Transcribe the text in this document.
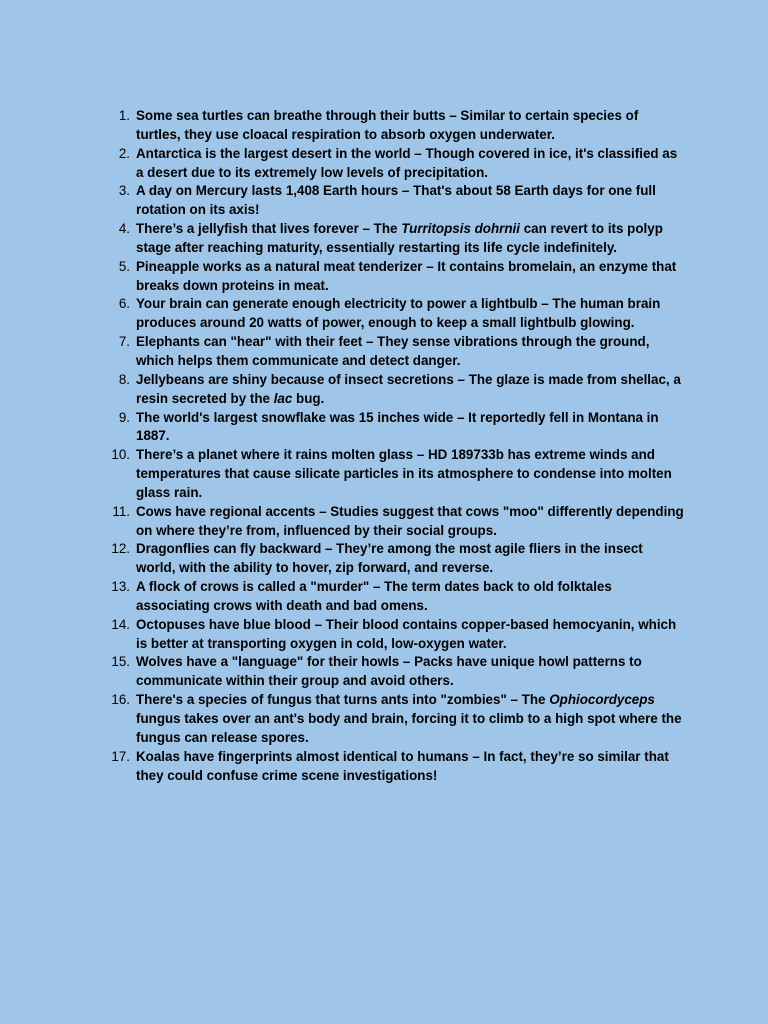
1. Some sea turtles can breathe through their butts – Similar to certain species of turtles, they use cloacal respiration to absorb oxygen underwater.
2. Antarctica is the largest desert in the world – Though covered in ice, it's classified as a desert due to its extremely low levels of precipitation.
3. A day on Mercury lasts 1,408 Earth hours – That's about 58 Earth days for one full rotation on its axis!
4. There’s a jellyfish that lives forever – The Turritopsis dohrnii can revert to its polyp stage after reaching maturity, essentially restarting its life cycle indefinitely.
5. Pineapple works as a natural meat tenderizer – It contains bromelain, an enzyme that breaks down proteins in meat.
6. Your brain can generate enough electricity to power a lightbulb – The human brain produces around 20 watts of power, enough to keep a small lightbulb glowing.
7. Elephants can "hear" with their feet – They sense vibrations through the ground, which helps them communicate and detect danger.
8. Jellybeans are shiny because of insect secretions – The glaze is made from shellac, a resin secreted by the lac bug.
9. The world's largest snowflake was 15 inches wide – It reportedly fell in Montana in 1887.
10. There’s a planet where it rains molten glass – HD 189733b has extreme winds and temperatures that cause silicate particles in its atmosphere to condense into molten glass rain.
11. Cows have regional accents – Studies suggest that cows "moo" differently depending on where they’re from, influenced by their social groups.
12. Dragonflies can fly backward – They’re among the most agile fliers in the insect world, with the ability to hover, zip forward, and reverse.
13. A flock of crows is called a "murder" – The term dates back to old folktales associating crows with death and bad omens.
14. Octopuses have blue blood – Their blood contains copper-based hemocyanin, which is better at transporting oxygen in cold, low-oxygen water.
15. Wolves have a "language" for their howls – Packs have unique howl patterns to communicate within their group and avoid others.
16. There's a species of fungus that turns ants into "zombies" – The Ophiocordyceps fungus takes over an ant's body and brain, forcing it to climb to a high spot where the fungus can release spores.
17. Koalas have fingerprints almost identical to humans – In fact, they’re so similar that they could confuse crime scene investigations!
